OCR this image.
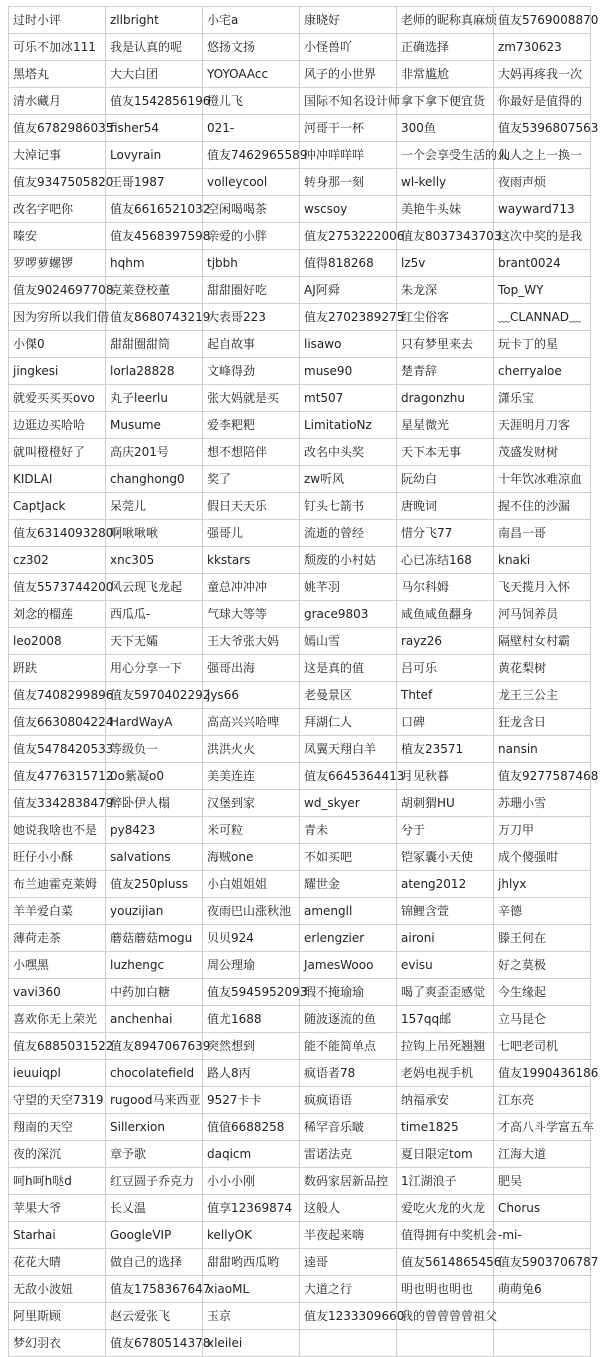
过时小评	zllbright	小宅a	康晓好	老师的昵称真麻烦	值友5769008870
可乐不加冰111	我是认真的呢	悠扬文扬	小怪兽吖	正确选择	zm730623
黑塔丸	大大白团	YOYOAAcc	风子的小世界	非常尴尬	大妈再疼我一次
清水藏月	值友1542856196	橙儿飞	国际不知名设计师	拿下拿下便宜货	你最好是值得的
值友6782986035	fisher54	021-	河哥干一杯	300鱼	值友5396807563
大淖记事	Lovyrain	值友7462965589	冲冲咩咩咩	一个会享受生活的人	仙人之上一换一
值友9347505820	王哥1987	volleycool	转身那一刻	wl-kelly	夜雨声烦
改名字吧你	值友6616521032	空闲喝喝茶	wscsoy	美艳牛头妹	wayward713
嗪安	值友4568397598	亲爱的小胖	值友2753222006	值友8037343703	这次中奖的是我
罗啰萝螺锣	hqhm	tjbbh	值得818268	lz5v	brant0024
值友9024697708	克莱登校董	甜甜圈好吃	AJ阿舜	朱龙深	Top_WY
因为穷所以我们借	值友8680743219	大表哥223	值友2702389275	红尘俗客	﹏CLANNAD﹏
小傑0	甜甜圈甜筒	起自故事	lisawo	只有梦里来去	玩卡丁的星
jingkesi	lorla28828	文峰得劲	muse90	楚青辞	cherryaloe
就爱买买买ovo	丸子leerlu	张大妈就是买	mt507	dragonzhu	潇乐宝
边逛边买哈哈	Musume	爱李粑粑	LimitatioNz	星星微光	天涯明月刀客
就叫橙橙好了	高庆201号	想不想陪伴	改名中头奖	天下本无事	茂盛发财树
KIDLAI	changhong0	奖了	zw听风	阮幼白	十年饮冰难凉血
CaptJack	呆莞儿	假日天天乐	钉头七箭书	唐晚词	握不住的沙漏
值友6314093280	啊啾啾啾	强哥儿	流逝的曾经	惜分飞77	南昌一哥
cz302	xnc305	kkstars	颓废的小村姑	心已冻结168	knaki
值友5573744200	风云现飞龙起	童总冲冲冲	姚芊羽	马尔科姆	飞天揽月入怀
刘念的榴莲	西瓜瓜-	气球大等等	grace9803	咸鱼咸鱼翻身	河马饲养员
leo2008	天下无孀	王大爷张大妈	嫣山雪	rayz26	隔壁村女村霸
趼趺	用心分享一下	强哥出海	这是真的值	吕可乐	黄花梨树
值友7408299896	值友5970402292	jys66	老曼景区	Thtef	龙王三公主
值友6630804224	HardWayA	高高兴兴哈啤	拜湖仁人	口碑	狂龙含日
值友5478420533	等级负一	洪洪火火	凤翼天翔白羊	植友23571	nansin
值友4776315712	0o紫凝o0	美美连连	值友6645364413	月见秋暮	值友9277587468
值友3342838479	醉卧伊人榻	汉堡到家	wd_skyer	胡刺猬HU	苏珊小雪
她说我啥也不是	py8423	米可粒	青未	兮于	万刀甲
旺仔小小酥	salvations	海贼one	不如买吧	铠冢囊小天使	成个傻强咁
布兰迪霍克莱姆	值友250pluss	小白姐姐姐	耀世金	ateng2012	jhlyx
羊羊爱白菜	youzijian	夜雨巴山涨秋池	amengll	锦鲤含萱	辛德
薄荷走茶	蘑菇蘑菇mogu	贝贝924	erlengzier	aironi	滕王何在
小嘿黑	luzhengc	周公理瑜	JamesWooo	evisu	好之莫极
vavi360	中药加白糖	值友5945952093	瑕不掩瑜瑜	喝了爽歪歪感觉	今生缘起
喜欢你无上荣光	anchenhai	值尤1688	随波逐流的鱼	157qq邮	立马昆仑
值友6885031522	值友8947067639	突然想到	能不能简单点	拉钩上吊死翘翘	七吧老司机
ieuuiqpl	chocolatefield	路人8丙	疯语者78	老妈电视手机	值友1990436186
守望的天空7319	rugood马来西亚	9527卡卡	疯疯语语	纳福承安	江东亮
翔南的天空	Sillerxion	值值6688258	稀罕音乐啵	time1825	才高八斗学富五车
夜的深沉	章予歌	daqicm	雷诺法克	夏日限定tom	江海大道
呵h呵h哒d	红豆圆子乔克力	小小小刚	数码家居新品控	1江湖浪子	肥吴
苹果大爷	长乂温	值享12369874	这般人	爱吃火龙的火龙	Chorus
Starhai	GoogleVIP	kellyOK	半夜起来嗨	值得拥有中奖机会	-mi-
花花大晴	做自己的选择	甜甜哟西瓜哟	逵哥	值友5614865456	值友5903706787
无敌小波妞	值友1758367647	xiaoML	大道之行	明也明也明也	萌萌兔6
阿里斯顾	赵云爱张飞	玉京	值友1233309660	我的曾曾曾曾祖父	
梦幻羽衣	值友6780514378	xleilei			
